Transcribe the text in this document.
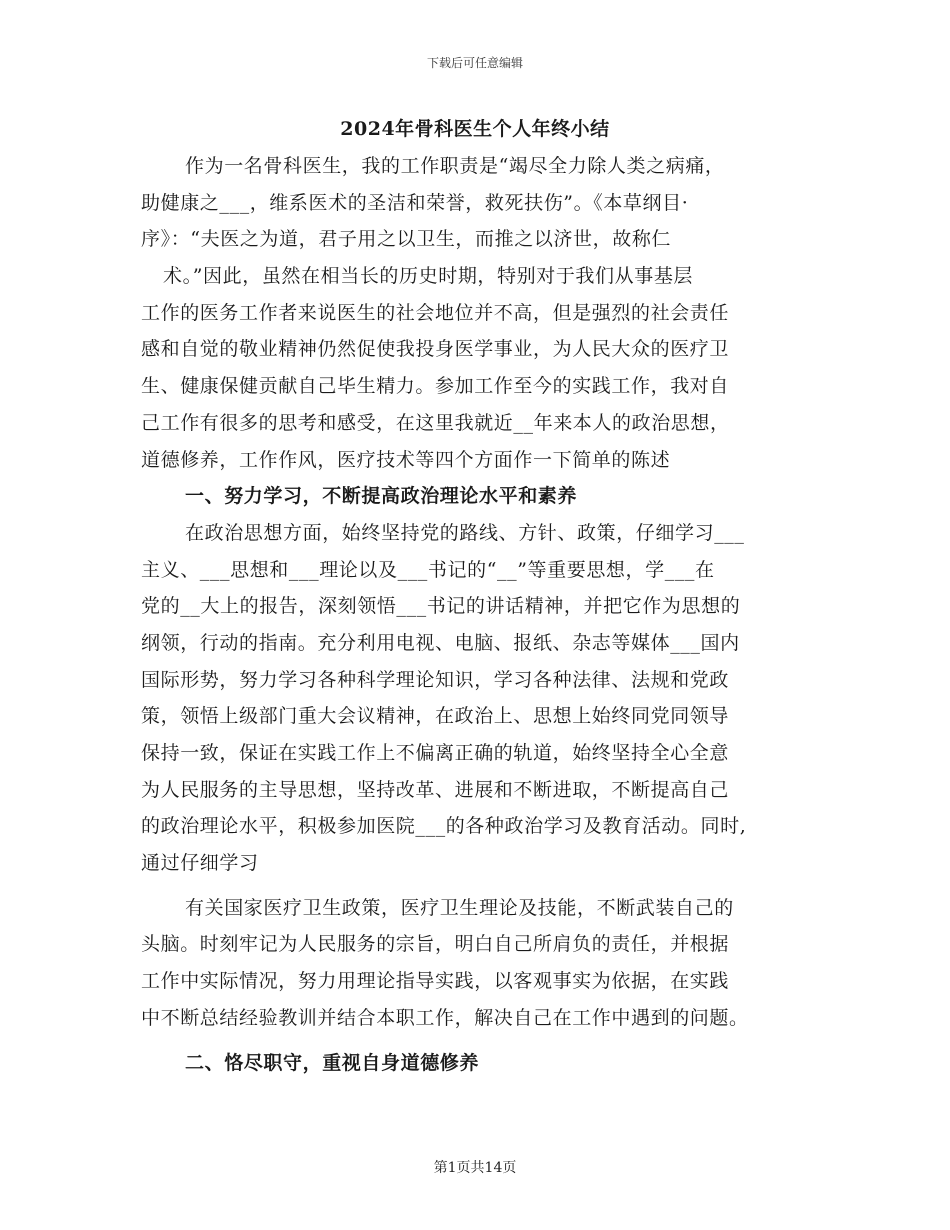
下载后可任意编辑
2024年骨科医生个人年终小结
作为一名骨科医生，我的工作职责是“竭尽全力除人类之病痛，
助健康之___，维系医术的圣洁和荣誉，救死扶伤”。《本草纲目·
序》：“夫医之为道，君子用之以卫生，而推之以济世，故称仁
术。”因此，虽然在相当长的历史时期，特别对于我们从事基层
工作的医务工作者来说医生的社会地位并不高，但是强烈的社会责任
感和自觉的敬业精神仍然促使我投身医学事业，为人民大众的医疗卫
生、健康保健贡献自己毕生精力。参加工作至今的实践工作，我对自
己工作有很多的思考和感受，在这里我就近__年来本人的政治思想，
道德修养，工作作风，医疗技术等四个方面作一下简单的陈述
一、努力学习，不断提高政治理论水平和素养
在政治思想方面，始终坚持党的路线、方针、政策，仔细学习___
主义、___思想和___理论以及___书记的“__”等重要思想，学___在
党的__大上的报告，深刻领悟___书记的讲话精神，并把它作为思想的
纲领，行动的指南。充分利用电视、电脑、报纸、杂志等媒体___国内
国际形势，努力学习各种科学理论知识，学习各种法律、法规和党政
策，领悟上级部门重大会议精神，在政治上、思想上始终同党同领导
保持一致，保证在实践工作上不偏离正确的轨道，始终坚持全心全意
为人民服务的主导思想，坚持改革、进展和不断进取，不断提高自己
的政治理论水平，积极参加医院___的各种政治学习及教育活动。同时,
通过仔细学习
有关国家医疗卫生政策，医疗卫生理论及技能，不断武装自己的
头脑。时刻牢记为人民服务的宗旨，明白自己所肩负的责任，并根据
工作中实际情况，努力用理论指导实践，以客观事实为依据，在实践
中不断总结经验教训并结合本职工作，解决自己在工作中遇到的问题。
二、恪尽职守，重视自身道德修养
第1页共14页
